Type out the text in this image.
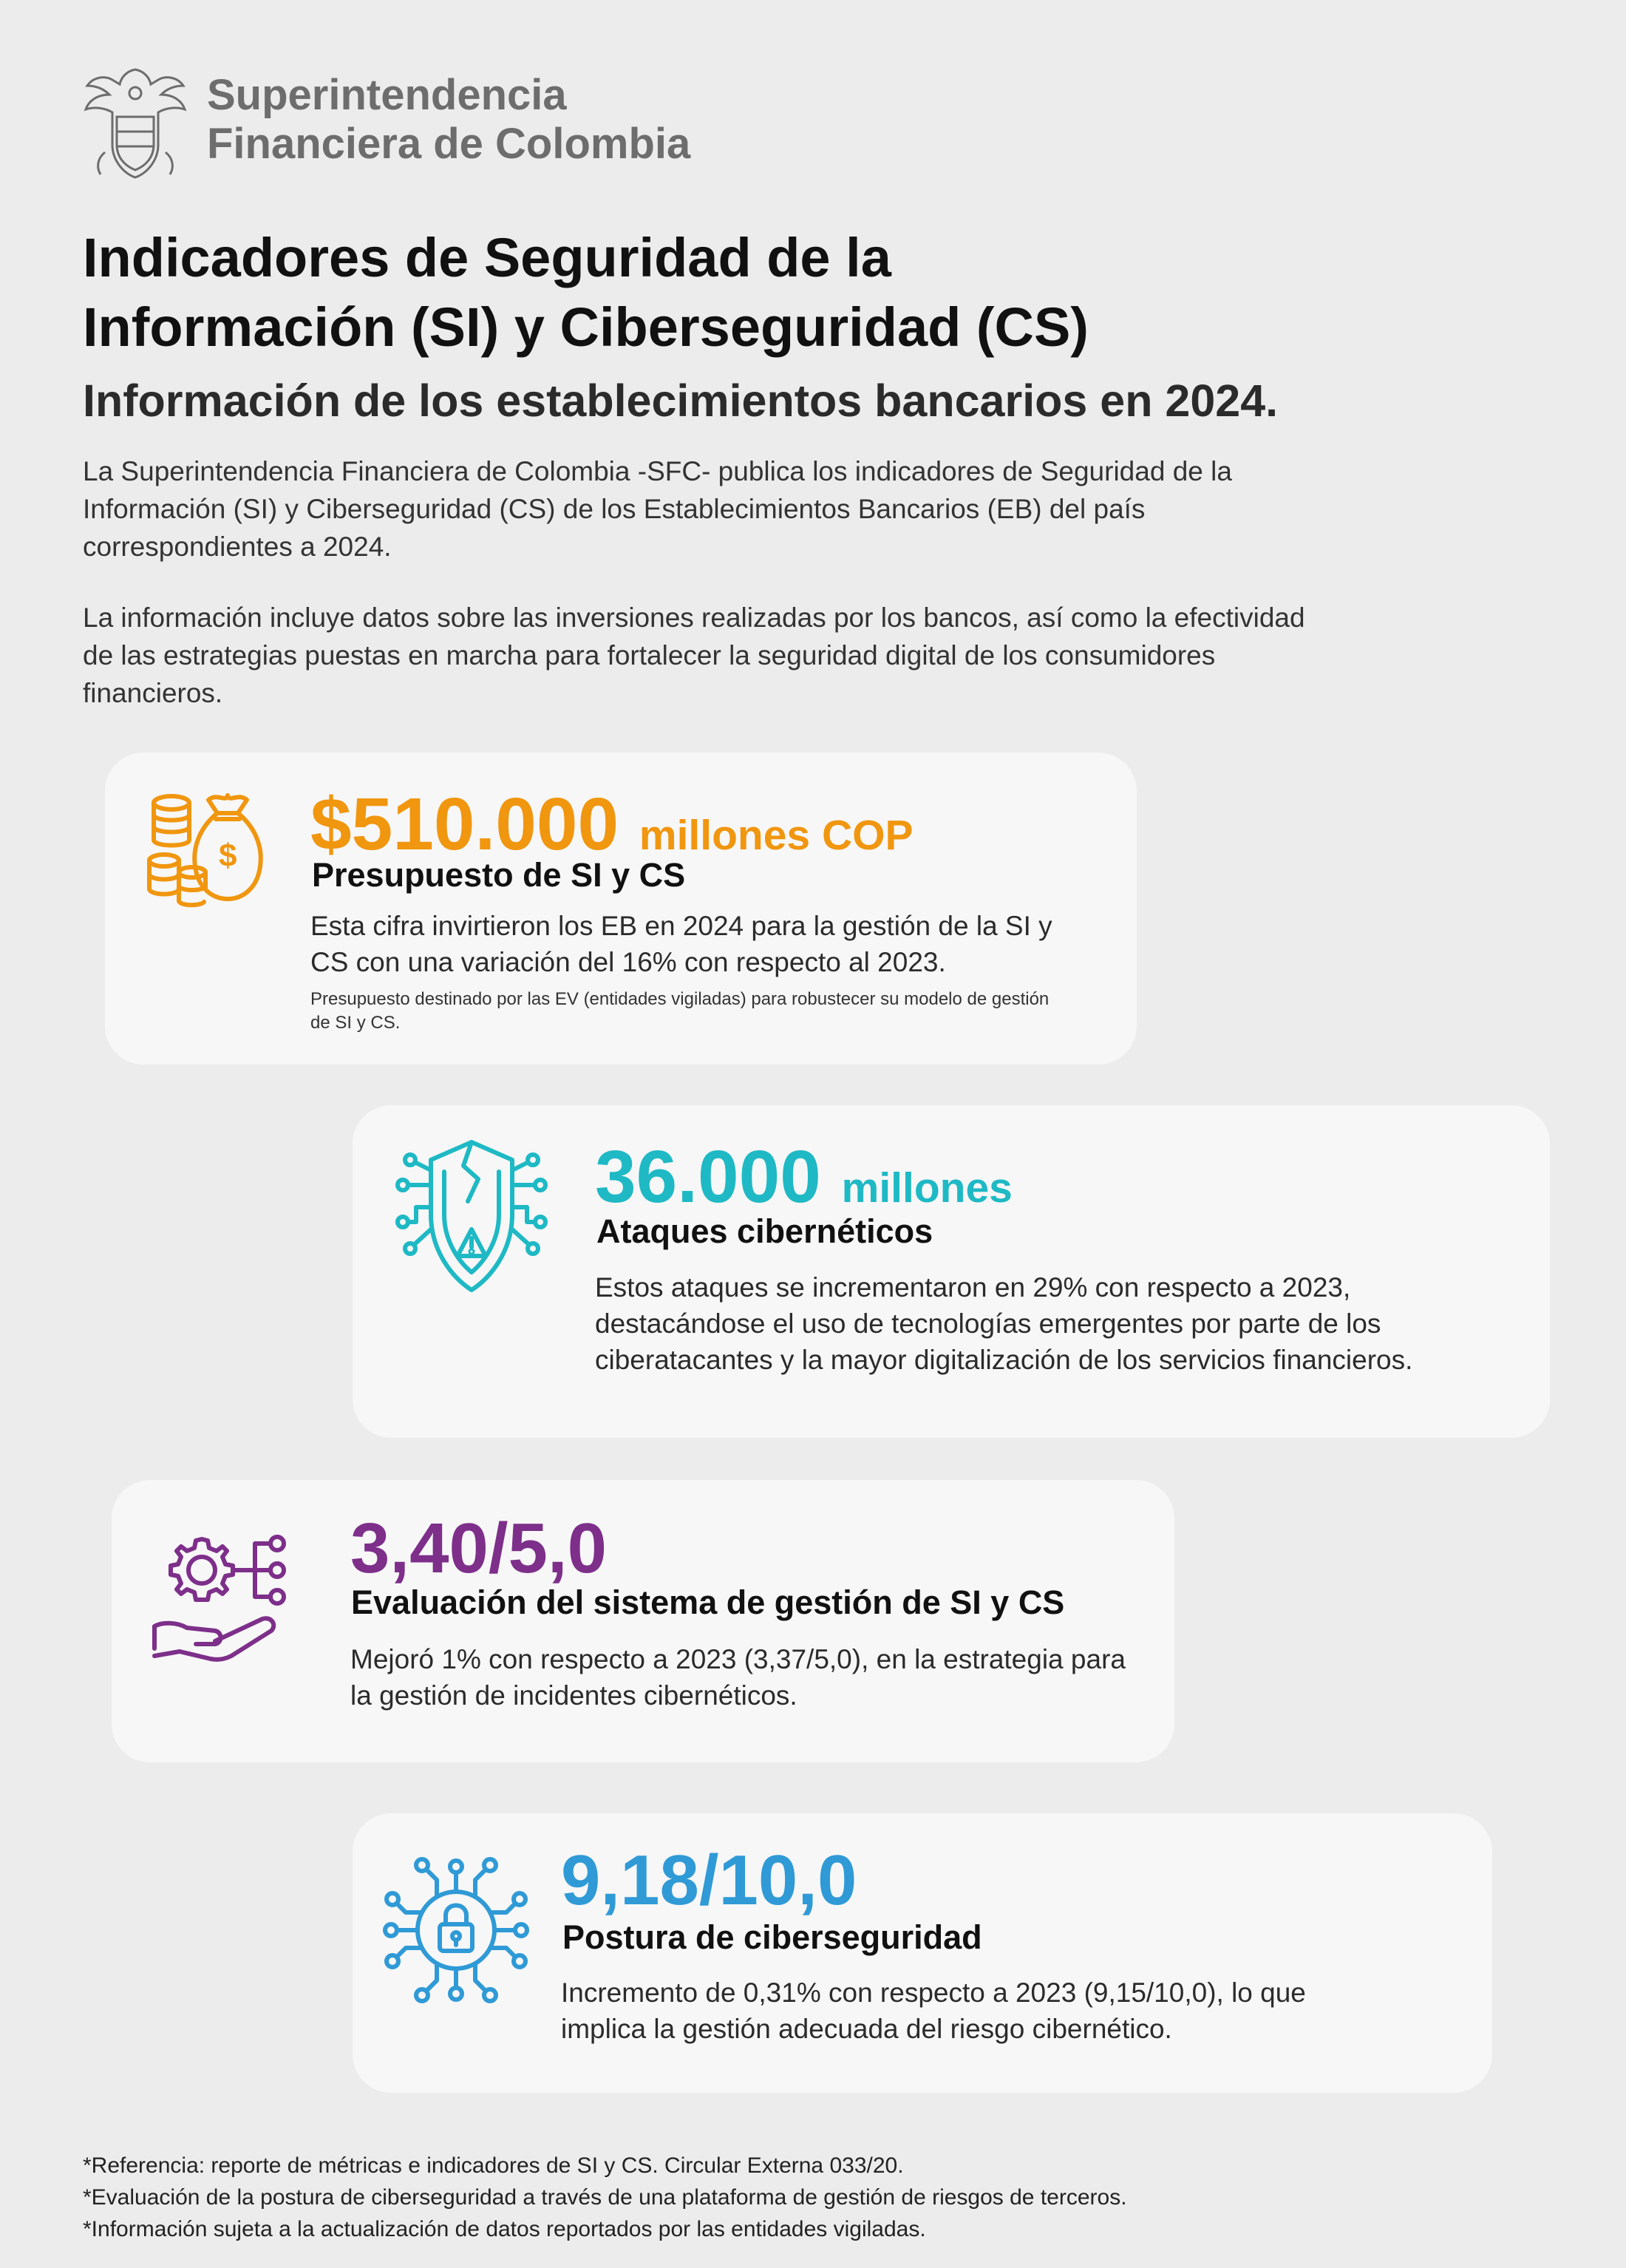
Superintendencia
Financiera de Colombia
Indicadores de Seguridad de la
Información (SI) y Ciberseguridad (CS)
Información de los establecimientos bancarios en 2024.

La Superintendencia Financiera de Colombia -SFC- publica los indicadores de Seguridad de la Información (SI) y Ciberseguridad (CS) de los Establecimientos Bancarios (EB) del país correspondientes a 2024.

La información incluye datos sobre las inversiones realizadas por los bancos, así como la efectividad de las estrategias puestas en marcha para fortalecer la seguridad digital de los consumidores financieros.

$ $510.000 millones COP
Presupuesto de SI y CS

Esta cifra invirtieron los EB en 2024 para la gestión de la SI y CS con una variación del 16% con respecto al 2023.

Presupuesto destinado por las EV (entidades vigiladas) para robustecer su modelo de gestión de SI y CS.

36.000 millones
Ataques cibernéticos

Estos ataques se incrementaron en 29% con respecto a 2023, destacándose el uso de tecnologías emergentes por parte de los ciberatacantes y la mayor digitalización de los servicios financieros.

3,40/5,0
Evaluación del sistema de gestión de SI y CS

Mejoró 1% con respecto a 2023 (3,37/5,0), en la estrategia para la gestión de incidentes cibernéticos.

9,18/10,0
Postura de ciberseguridad

Incremento de 0,31% con respecto a 2023 (9,15/10,0), lo que implica la gestión adecuada del riesgo cibernético.

*Referencia: reporte de métricas e indicadores de SI y CS. Circular Externa 033/20.

*Evaluación de la postura de ciberseguridad a través de una plataforma de gestión de riesgos de terceros.

*Información sujeta a la actualización de datos reportados por las entidades vigiladas.
